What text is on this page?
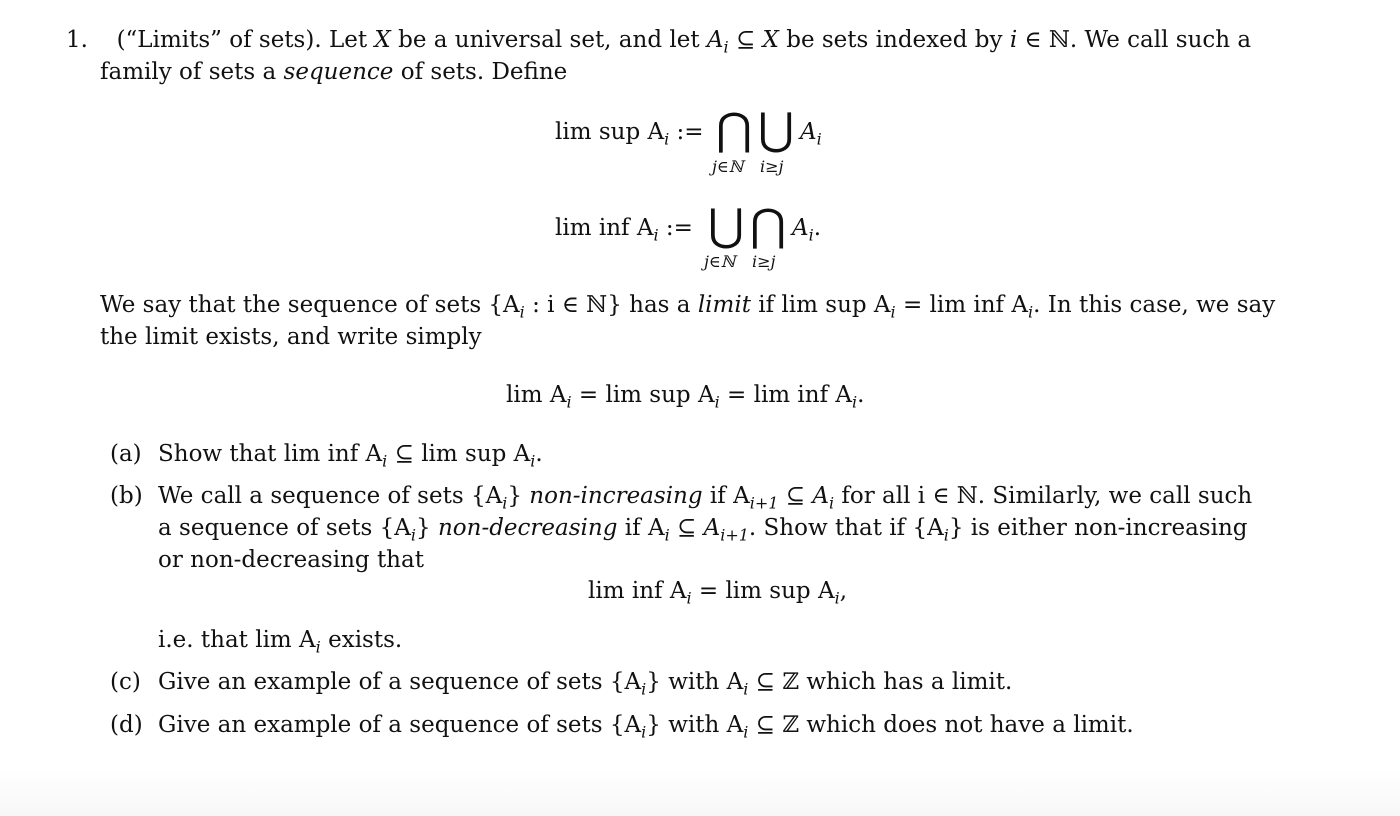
1. (“Limits” of sets). Let X be a universal set, and let $A_i$ ⊆ X be sets indexed by i ∈ ℕ. We call such a
family of sets a sequence of sets. Define
lim sup $A_i$ := ⋂ ⋃ $A_i$
j∈ℕ i≥j
lim inf $A_i$ := ⋃ ⋂ $A_i$.
j∈ℕ i≥j
We say that the sequence of sets {$A_i$ : i ∈ ℕ} has a limit if lim sup $A_i = \lim$ inf $A_i$. In this case, we say
the limit exists, and write simply
$\lim A_i = \lim$ sup $A_i = \lim$ inf $A_i$.
(a) Show that lim inf $A_i$ ⊆ lim sup $A_i$.
(b) We call a sequence of sets $\{A_i\}$ non-increasing if $A_{i+1}$ ⊆ $A_i$ for all i ∈ ℕ. Similarly, we call such
a sequence of sets $\{A_i\}$ non-decreasing if $A_i$ ⊆ $A_{i+1}$. Show that if $\{A_i\}$ is either non-increasing
or non-decreasing that
lim inf $A_i = \lim$ sup $A_i$,
i.e. that $\lim A_i$ exists.
(c) Give an example of a sequence of sets $\{A_i\}$ with $A_i$ ⊆ ℤ which has a limit.
(d) Give an example of a sequence of sets $\{A_i\}$ with $A_i$ ⊆ ℤ which does not have a limit.
